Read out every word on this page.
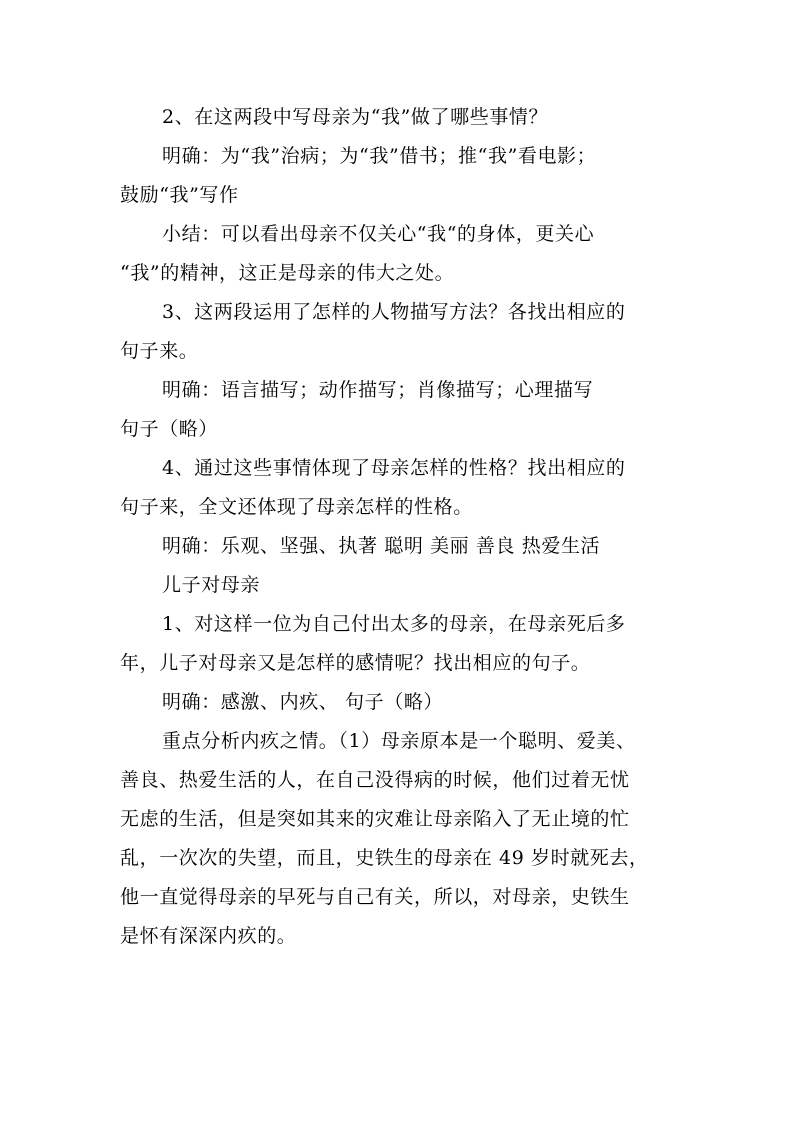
2、在这两段中写母亲为“我”做了哪些事情？
明确：为“我”治病；为“我”借书；推“我”看电影；
鼓励“我”写作
小结：可以看出母亲不仅关心“我“的身体，更关心
“我”的精神，这正是母亲的伟大之处。
3、这两段运用了怎样的人物描写方法？各找出相应的
句子来。
明确：语言描写；动作描写；肖像描写；心理描写
句子（略）
4、通过这些事情体现了母亲怎样的性格？找出相应的
句子来，全文还体现了母亲怎样的性格。
明确：乐观、坚强、执著 聪明 美丽 善良 热爱生活
儿子对母亲
1、对这样一位为自己付出太多的母亲，在母亲死后多
年，儿子对母亲又是怎样的感情呢？找出相应的句子。
明确：感激、内疚、 句子（略）
重点分析内疚之情。（1）母亲原本是一个聪明、爱美、
善良、热爱生活的人，在自己没得病的时候，他们过着无忧
无虑的生活，但是突如其来的灾难让母亲陷入了无止境的忙
乱，一次次的失望，而且，史铁生的母亲在 49 岁时就死去，
他一直觉得母亲的早死与自己有关，所以，对母亲，史铁生
是怀有深深内疚的。
